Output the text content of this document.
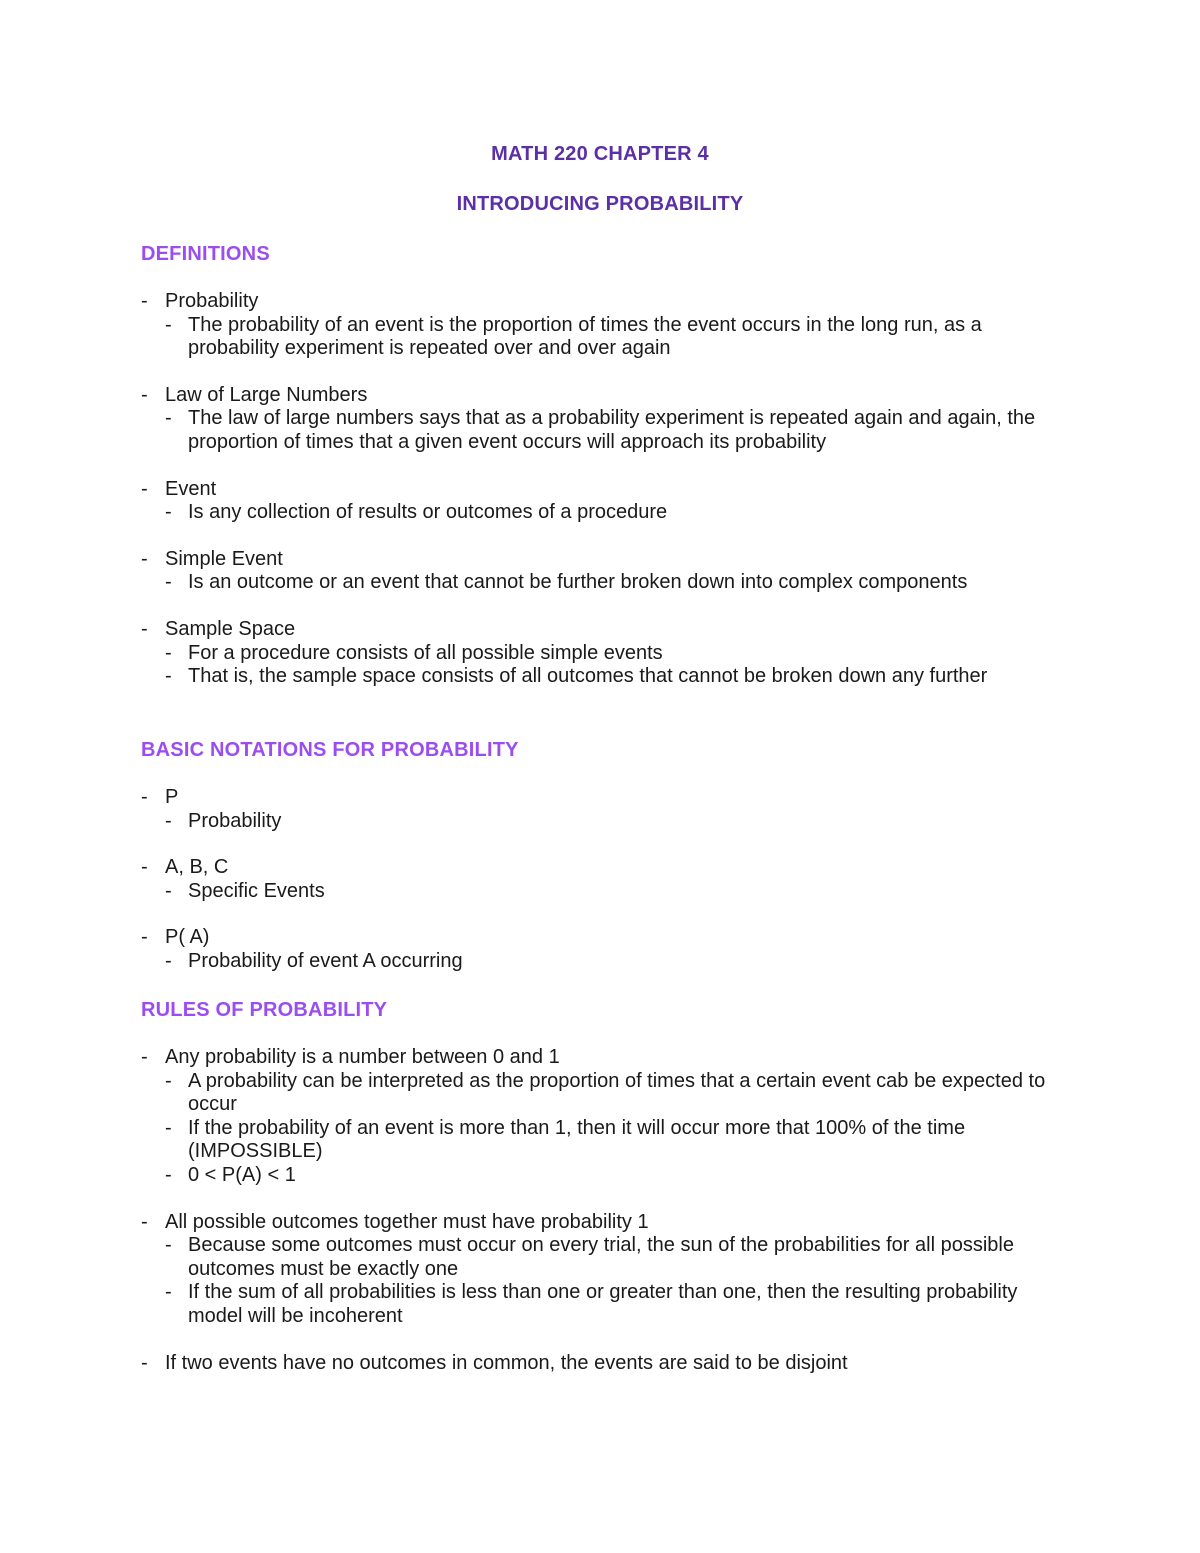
MATH 220 CHAPTER 4
INTRODUCING PROBABILITY
DEFINITIONS
- Probability
- The probability of an event is the proportion of times the event occurs in the long run, as a probability experiment is repeated over and over again
- Law of Large Numbers
- The law of large numbers says that as a probability experiment is repeated again and again, the proportion of times that a given event occurs will approach its probability
- Event
- Is any collection of results or outcomes of a procedure
- Simple Event
- Is an outcome or an event that cannot be further broken down into complex components
- Sample Space
- For a procedure consists of all possible simple events
- That is, the sample space consists of all outcomes that cannot be broken down any further
BASIC NOTATIONS FOR PROBABILITY
- P
- Probability
- A, B, C
- Specific Events
- P( A)
- Probability of event A occurring
RULES OF PROBABILITY
- Any probability is a number between 0 and 1
- A probability can be interpreted as the proportion of times that a certain event cab be expected to occur
- If the probability of an event is more than 1, then it will occur more that 100% of the time (IMPOSSIBLE)
- 0 < P(A) < 1
- All possible outcomes together must have probability 1
- Because some outcomes must occur on every trial, the sun of the probabilities for all possible outcomes must be exactly one
- If the sum of all probabilities is less than one or greater than one, then the resulting probability model will be incoherent
- If two events have no outcomes in common, the events are said to be disjoint
